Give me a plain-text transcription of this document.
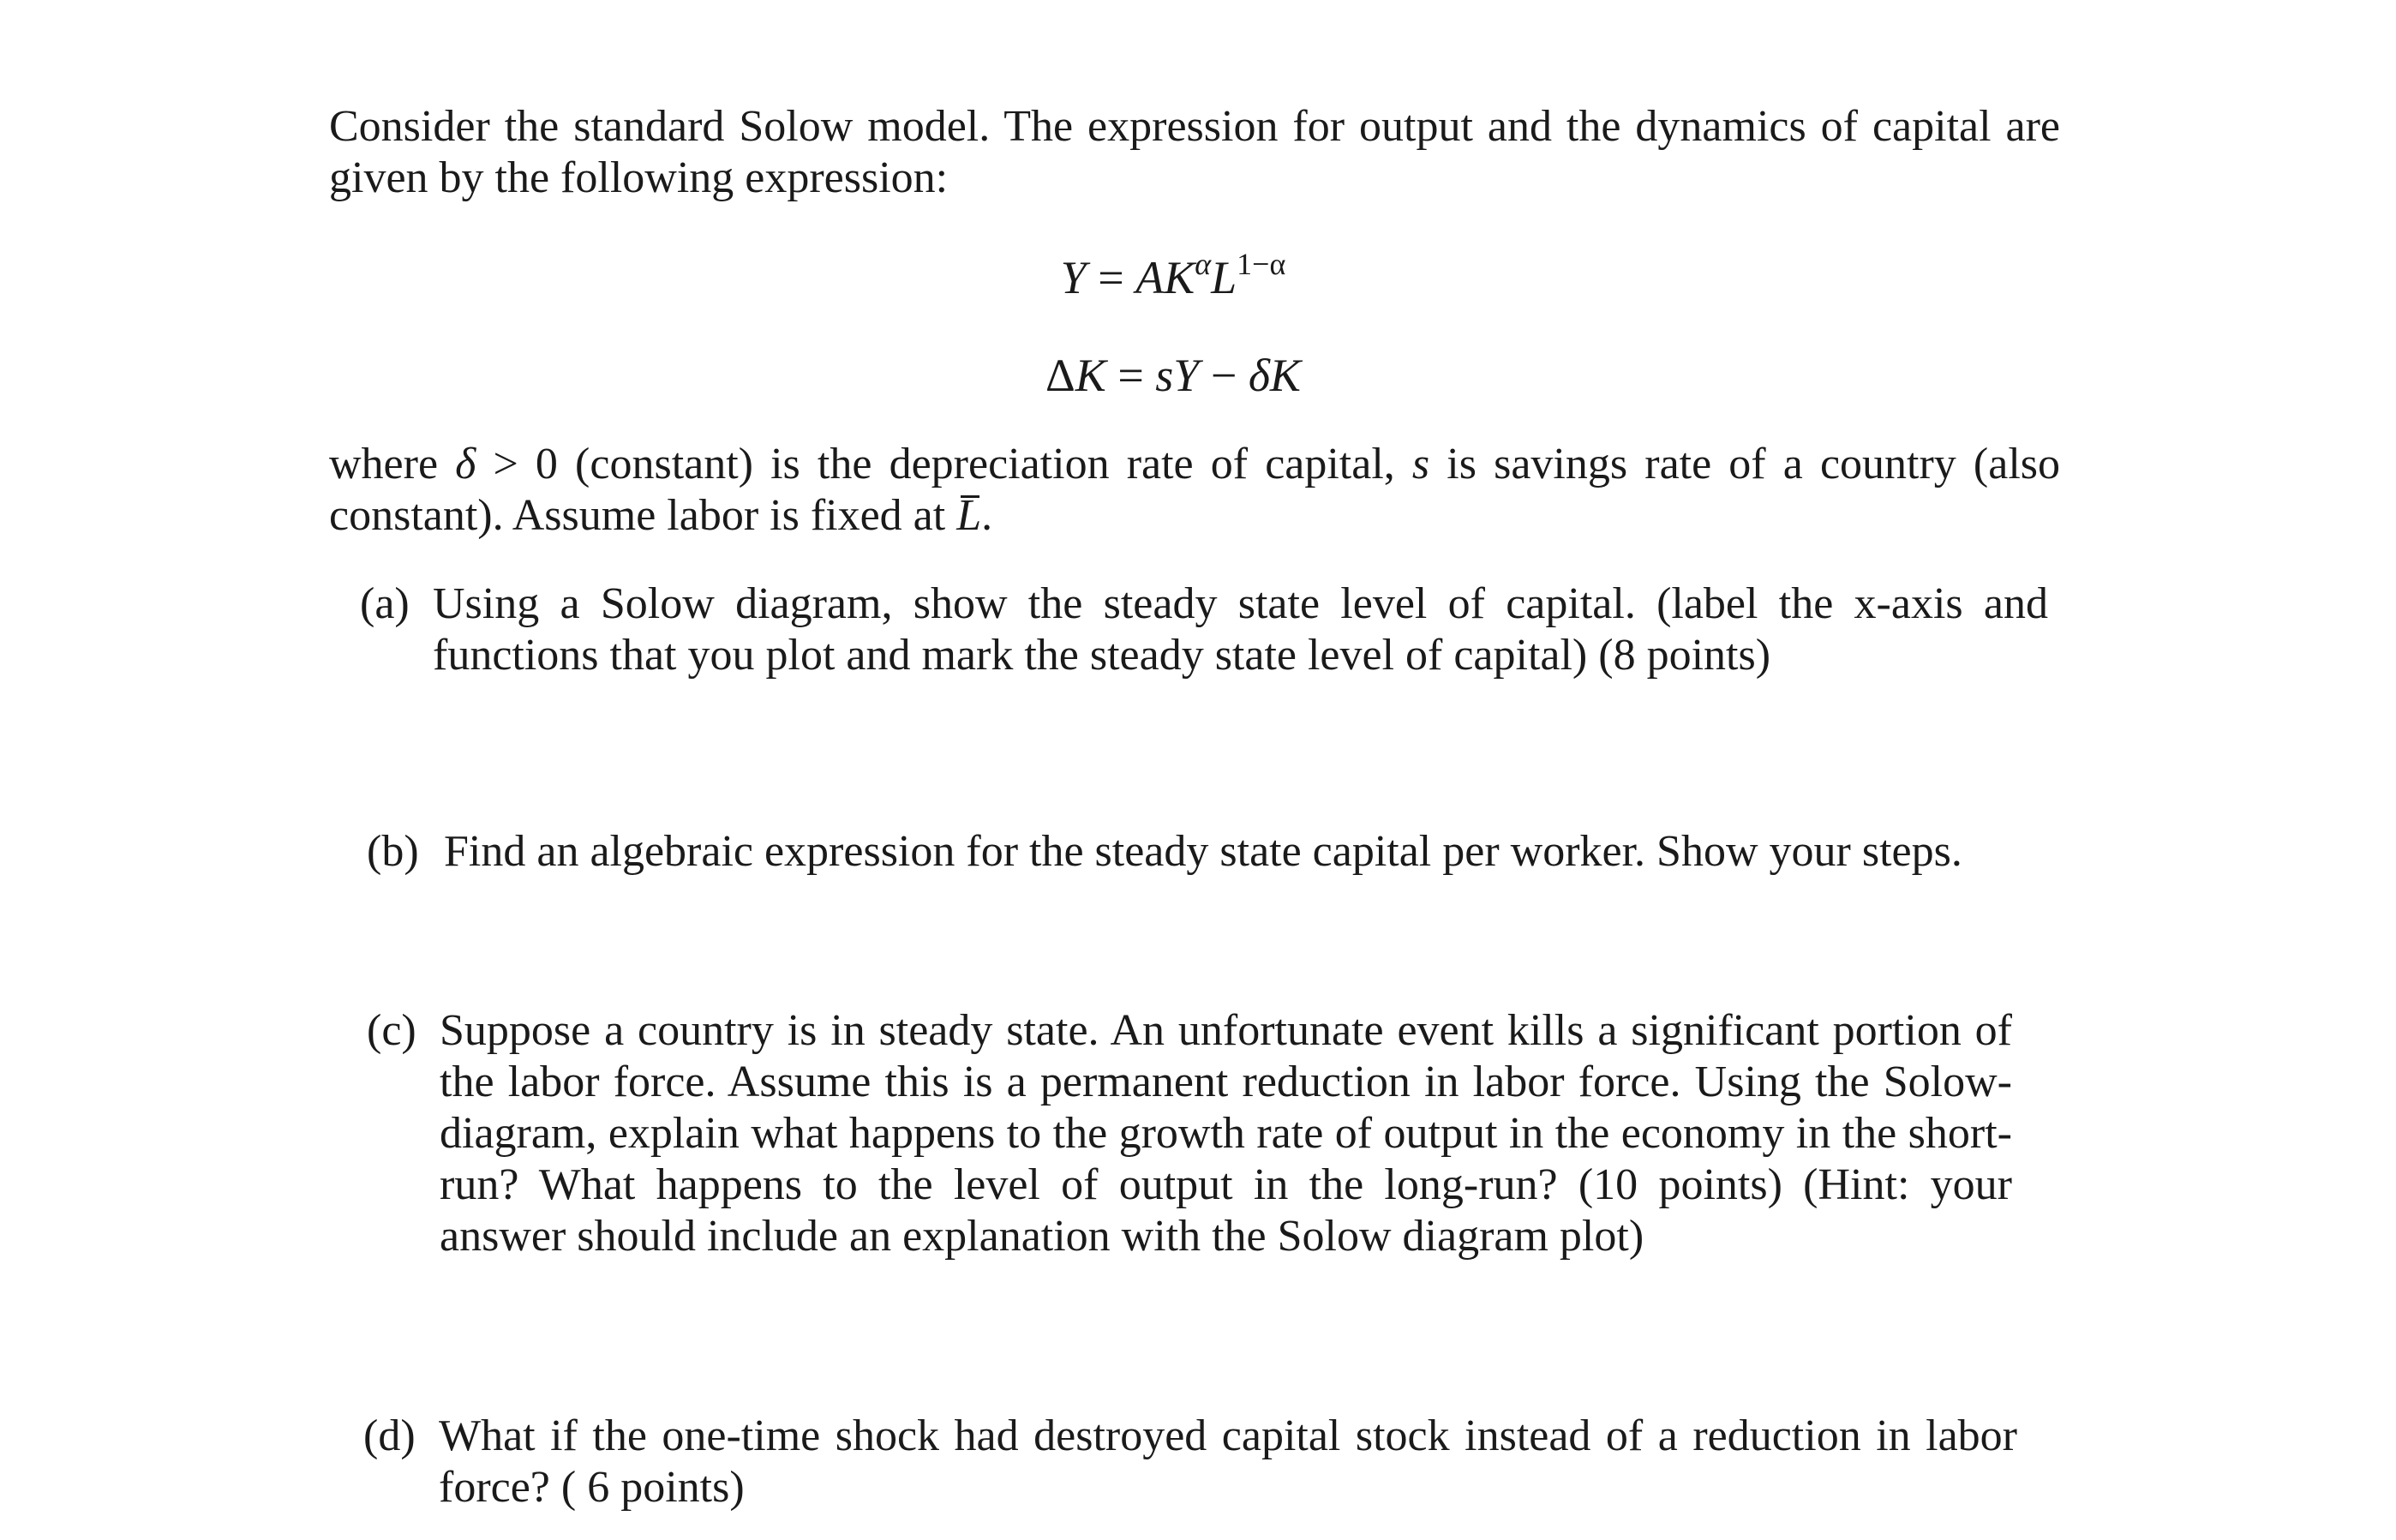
Consider the standard Solow model. The expression for output and the dynamics of capital are given by the following expression:

$Y = AK^\alpha L^{1-\alpha}$
ΔK = sY − δK

where δ > 0 (constant) is the depreciation rate of capital, s is savings rate of a country (also constant). Assume labor is fixed at L.

(a) Using a Solow diagram, show the steady state level of capital. (label the x-axis and functions that you plot and mark the steady state level of capital) (8 points)
(b) Find an algebraic expression for the steady state capital per worker. Show your steps.
(c) Suppose a country is in steady state. An unfortunate event kills a significant portion of the labor force. Assume this is a permanent reduction in labor force. Using the Solow-diagram, explain what happens to the growth rate of output in the economy in the short-run? What happens to the level of output in the long-run? (10 points) (Hint: your answer should include an explanation with the Solow diagram plot)
(d) What if the one-time shock had destroyed capital stock instead of a reduction in labor force? ( 6 points)
